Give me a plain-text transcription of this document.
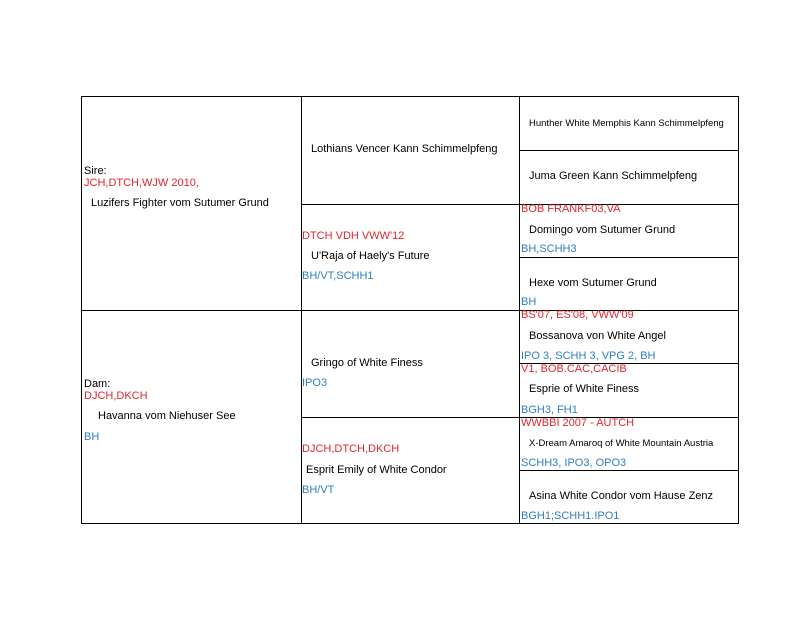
Sire:
JCH,DTCH,WJW 2010,
Luzifers Fighter vom Sutumer Grund
Dam:
DJCH,DKCH
Havanna vom Niehuser See
BH
Lothians Vencer Kann Schimmelpfeng
DTCH VDH VWW'12
U'Raja of Haely's Future
BH/VT,SCHH1
Gringo of White Finess
IPO3
DJCH,DTCH,DKCH
Esprit Emily of White Condor
BH/VT
Hunther White Memphis Kann Schimmelpfeng
Juma Green Kann Schimmelpfeng
BOB FRANKF03,VA
Domingo vom Sutumer Grund
BH,SCHH3
Hexe vom Sutumer Grund
BH
BS'07, ES'08, VWW'09
Bossanova von White Angel
IPO 3, SCHH 3, VPG 2, BH
V1, BOB.CAC,CACIB
Esprie of White Finess
BGH3, FH1
WWBBI 2007 - AUTCH
X-Dream Amaroq of White Mountain Austria
SCHH3, IPO3, OPO3
Asina White Condor vom Hause Zenz
BGH1;SCHH1.IPO1
